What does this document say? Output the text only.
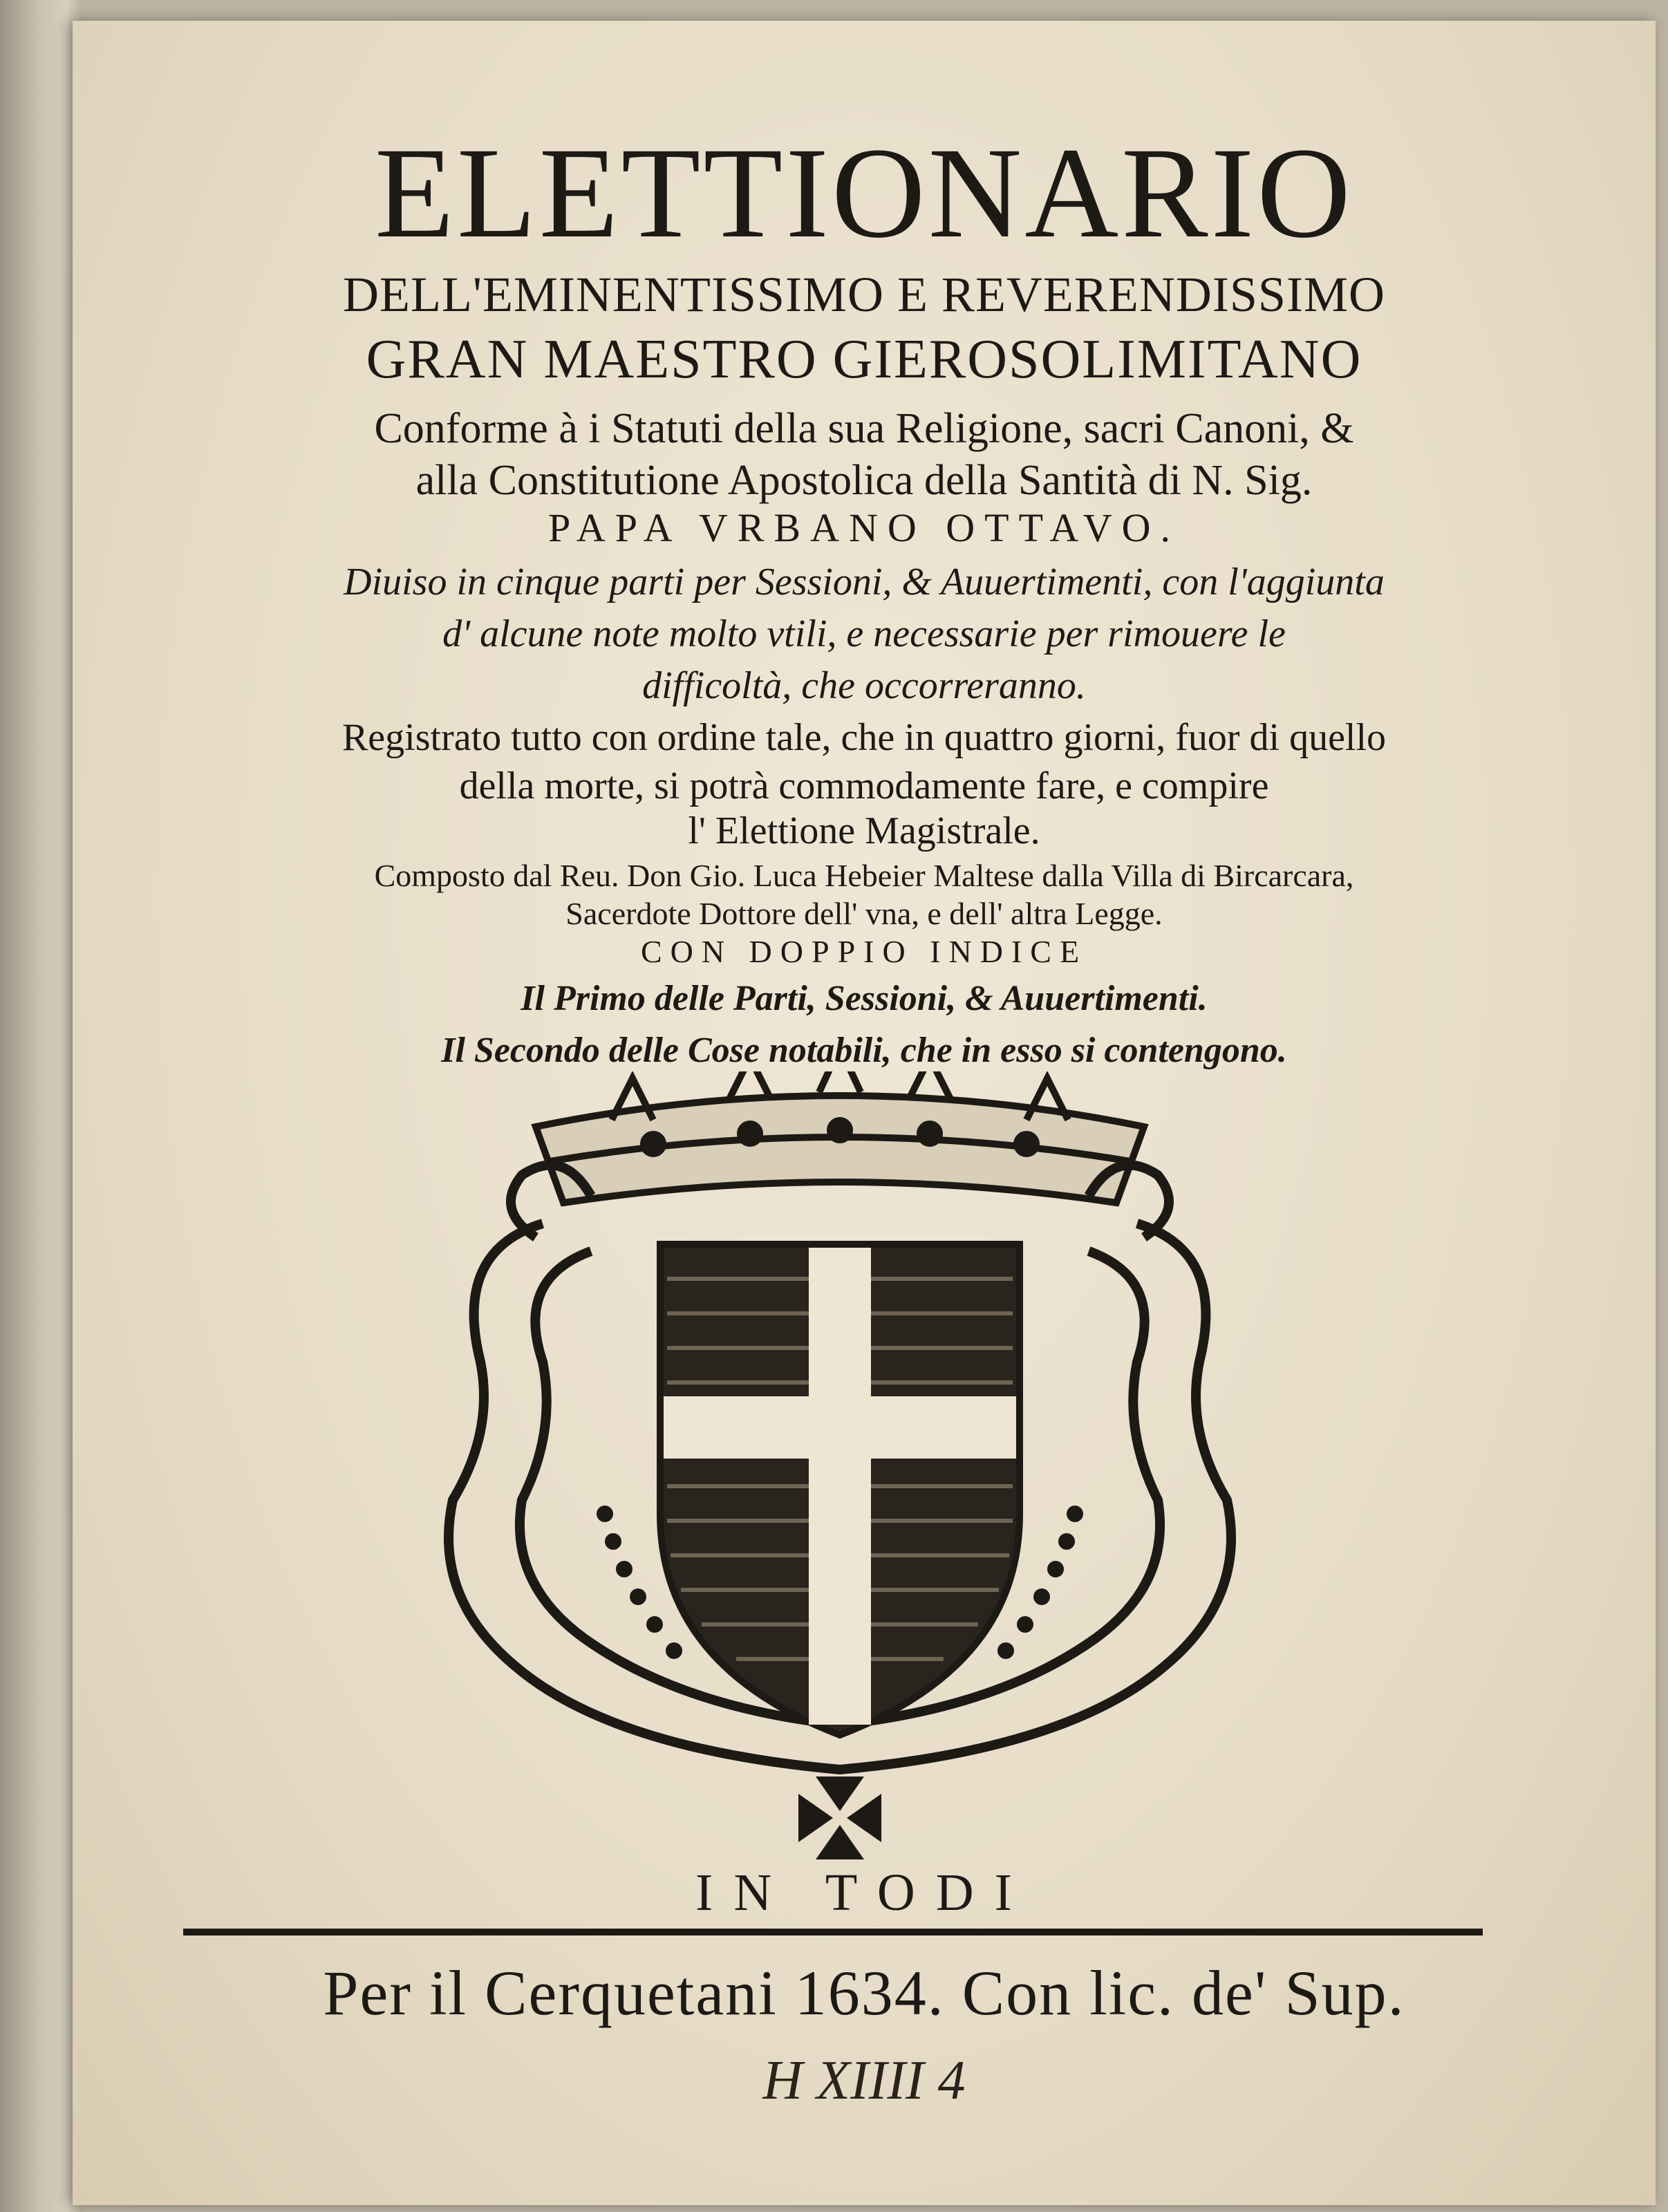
ELETTIONARIO
DELL'EMINENTISSIMO E REVERENDISSIMO
GRAN MAESTRO GIEROSOLIMITANO
Conforme à i Statuti della sua Religione, sacri Canoni, &
alla Constitutione Apostolica della Santità di N. Sig.
PAPA VRBANO OTTAVO.
Diuiso in cinque parti per Sessioni, & Auuertimenti, con l'aggiunta
d' alcune note molto vtili, e necessarie per rimouere le
difficoltà, che occorreranno.
Registrato tutto con ordine tale, che in quattro giorni, fuor di quello
della morte, si potrà commodamente fare, e compire
l' Elettione Magistrale.
Composto dal Reu. Don Gio. Luca Hebeier Maltese dalla Villa di Bircarcara,
Sacerdote Dottore dell' vna, e dell' altra Legge.
CON DOPPIO INDICE
Il Primo delle Parti, Sessioni, & Auuertimenti.
Il Secondo delle Cose notabili, che in esso si contengono.
IN TODI
Per il Cerquetani 1634. Con lic. de' Sup.
H XIIII 4
